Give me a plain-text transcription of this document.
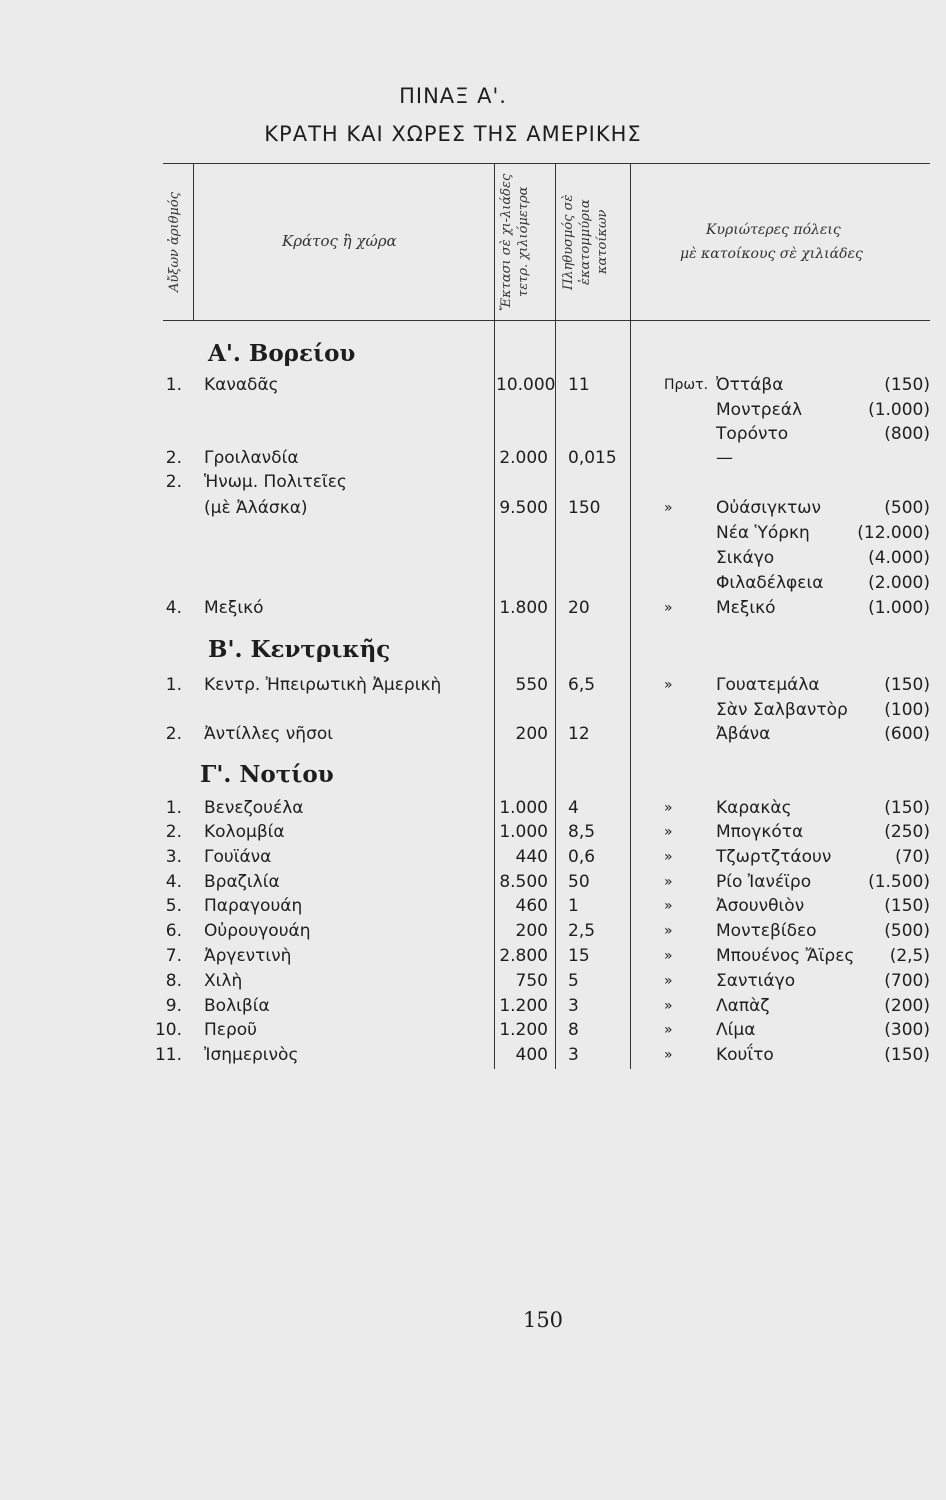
ΠΙΝΑΞ Α'.
ΚΡΑΤΗ ΚΑΙ ΧΩΡΕΣ ΤΗΣ ΑΜΕΡΙΚΗΣ
Αὔξων ἀριθμός	Κράτος ἢ χώρα	Ἔκτασι σὲ χι-λιάδες τετρ. χιλιόμετρα	Πληθυσμός σὲ ἑκατομμύρια κατοίκων	Κυριώτερες πόλεις
μὲ κατοίκους σὲ χιλιάδες
Α'. Βορείου
Β'. Κεντρικῆς
Γ'. Νοτίου
1. Καναδᾶς	10.000 11	Πρωτ. Ὀττάβα	(150)
Μοντρεάλ	(1.000)
Τορόντο	(800)
2. Γροιλανδία	2.000 0,015	—
2. Ἡνωμ. Πολιτεῖες
(μὲ Ἀλάσκα)	9.500 150	»	Οὐάσιγκτων	(500)
Νέα Ὑόρκη	(12.000)
Σικάγο	(4.000)
Φιλαδέλφεια	(2.000)
4. Μεξικό	1.800 20	»	Μεξικό	(1.000)
1. Κεντρ. Ἠπειρωτικὴ Ἀμερικὴ	550 6,5	»	Γουατεμάλα	(150)
Σὰν Σαλβαντὸρ	(100)
2. Ἀντίλλες νῆσοι	200 12	Ἀβάνα	(600)
1. Βενεζουέλα	1.000 4	»	Καρακὰς	(150)
2. Κολομβία	1.000 8,5	»	Μπογκότα	(250)
3. Γουϊάνα	440 0,6	»	Τζωρτζτάουν	(70)
4. Βραζιλία	8.500 50	»	Ρίο Ἰανέϊρο	(1.500)
5. Παραγουάη	460 1	»	Ἀσουνθιὸν	(150)
6. Οὐρουγουάη	200 2,5	»	Μοντεβίδεο	(500)
7. Ἀργεντινὴ	2.800 15	»	Μπουένος Ἄϊρες	(2,5)
8. Χιλὴ	750 5	»	Σαντιάγο	(700)
9. Βολιβία	1.200 3	»	Λαπὰζ	(200)
10. Περοῦ	1.200 8	»	Λίμα	(300)
11. Ἰσημερινὸς	400 3	»	Κουΐτο	(150)
150
